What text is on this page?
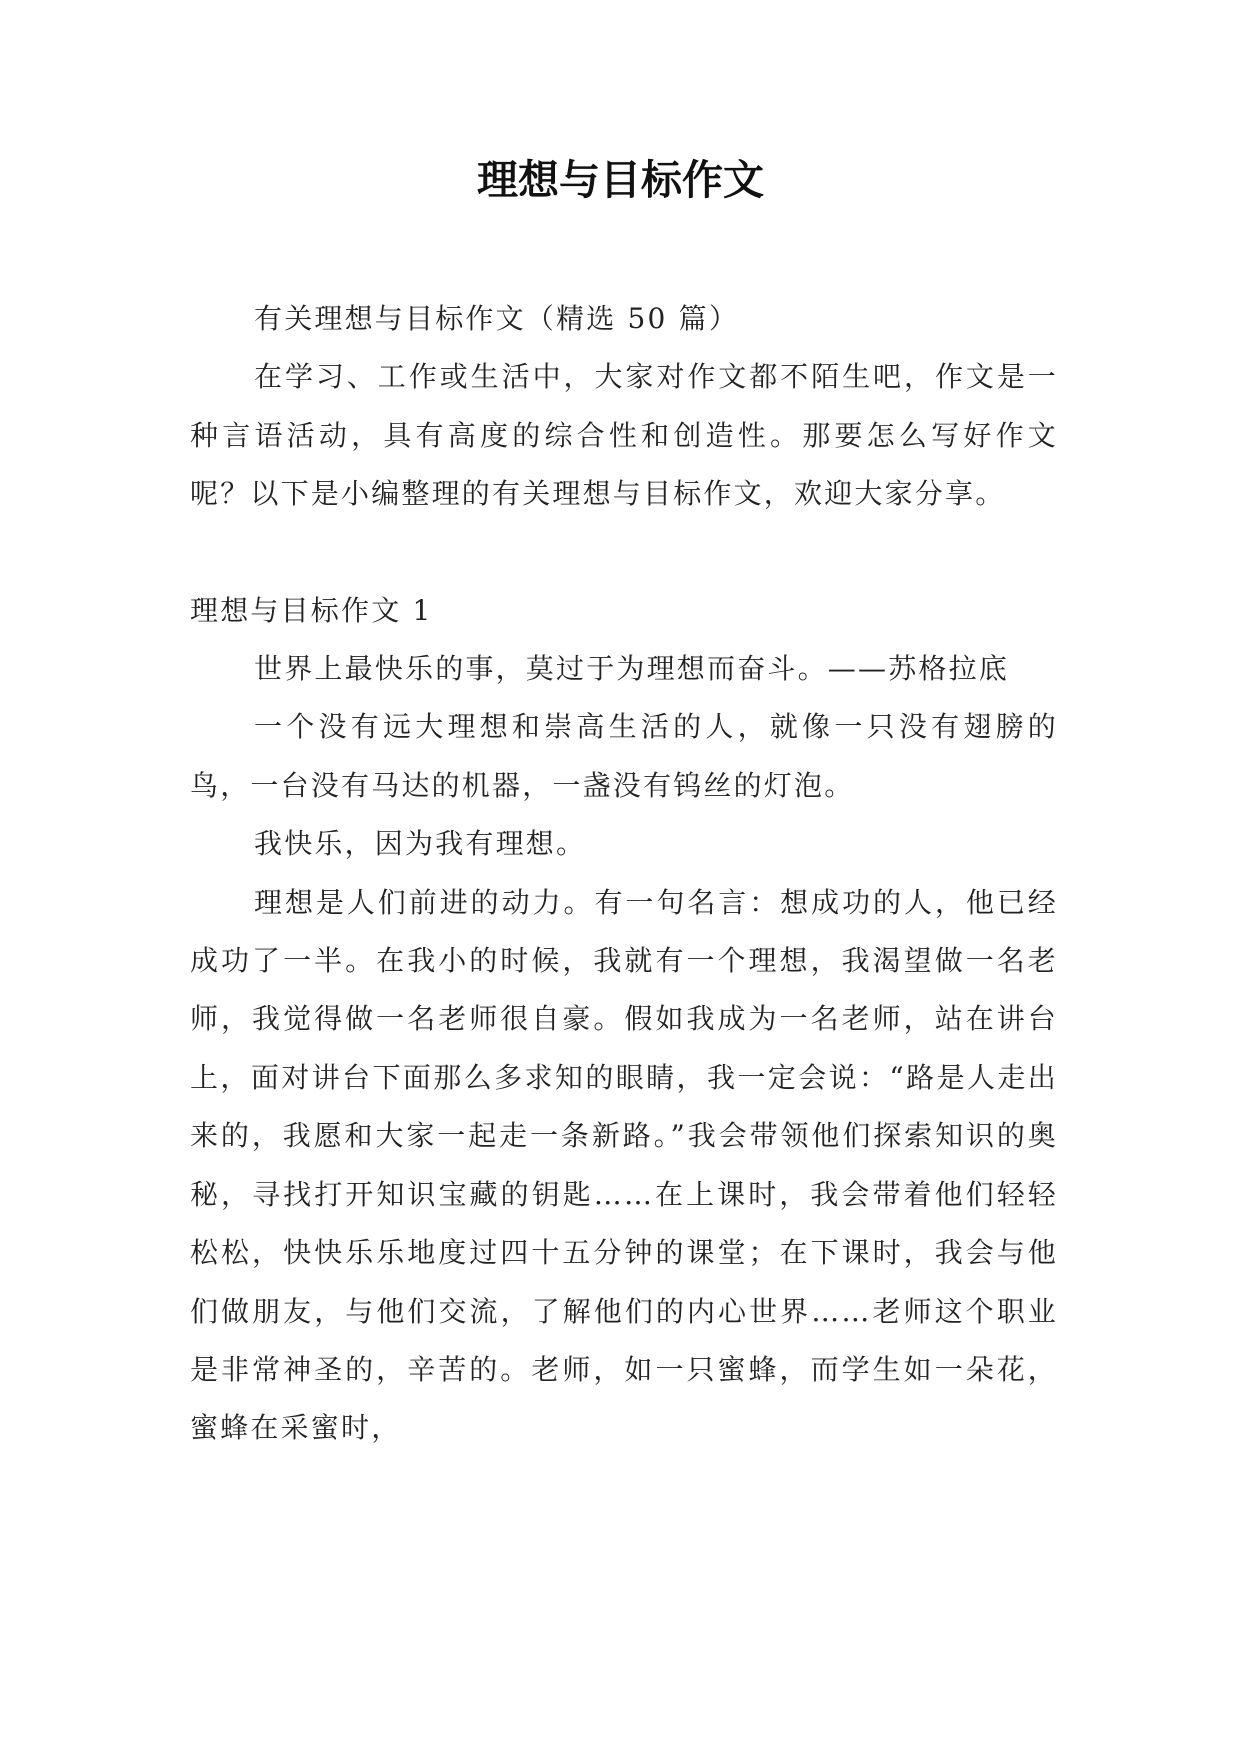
理想与目标作文

有关理想与目标作文（精选 50 篇）

在学习、工作或生活中，大家对作文都不陌生吧，作文是一种言语活动，具有高度的综合性和创造性。那要怎么写好作文呢？以下是小编整理的有关理想与目标作文，欢迎大家分享。

理想与目标作文 1

世界上最快乐的事，莫过于为理想而奋斗。——苏格拉底

一个没有远大理想和崇高生活的人，就像一只没有翅膀的鸟，一台没有马达的机器，一盏没有钨丝的灯泡。

我快乐，因为我有理想。

理想是人们前进的动力。有一句名言：想成功的人，他已经成功了一半。在我小的时候，我就有一个理想，我渴望做一名老师，我觉得做一名老师很自豪。假如我成为一名老师，站在讲台上，面对讲台下面那么多求知的眼睛，我一定会说：“路是人走出来的，我愿和大家一起走一条新路。”我会带领他们探索知识的奥秘，寻找打开知识宝藏的钥匙……在上课时，我会带着他们轻轻松松，快快乐乐地度过四十五分钟的课堂；在下课时，我会与他们做朋友，与他们交流，了解他们的内心世界……老师这个职业是非常神圣的，辛苦的。老师，如一只蜜蜂，而学生如一朵花，蜜蜂在采蜜时，
